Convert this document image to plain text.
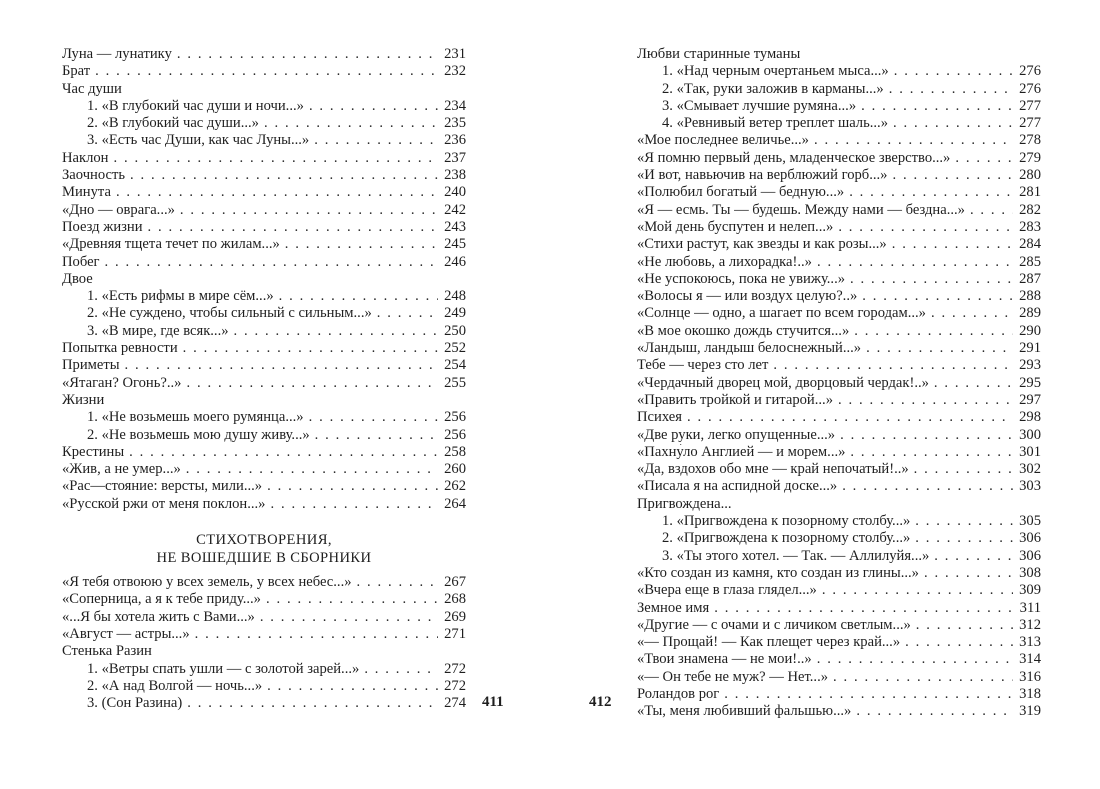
Луна — лунатику . . .	231
Брат . . .	232
Час души
1. «В глубокий час души и ночи...» . . .	234
2. «В глубокий час души...» . . .	235
3. «Есть час Души, как час Луны...» . . .	236
Наклон . . .	237
Заочность . . .	238
Минута . . .	240
«Дно — оврага...» . . .	242
Поезд жизни . . .	243
«Древняя тщета течет по жилам...» . . .	245
Побег . . .	246
Двое
1. «Есть рифмы в мире сём...» . . .	248
2. «Не суждено, чтобы сильный с сильным...» . . .	249
3. «В мире, где всяк...» . . .	250
Попытка ревности . . .	252
Приметы . . .	254
«Ятаган? Огонь?..» . . .	255
Жизни
1. «Не возьмешь моего румянца...» . . .	256
2. «Не возьмешь мою душу живу...» . . .	256
Крестины . . .	258
«Жив, а не умер...» . . .	260
«Рас—стояние: версты, мили...» . . .	262
«Русской ржи от меня поклон...» . . .	264
СТИХОТВОРЕНИЯ,
НЕ ВОШЕДШИЕ В СБОРНИКИ
«Я тебя отвоюю у всех земель, у всех небес...» . . .	267
«Соперница, а я к тебе приду...» . . .	268
«...Я бы хотела жить с Вами...» . . .	269
«Август — астры...» . . .	271
Стенька Разин
1. «Ветры спать ушли — с золотой зарей...» . . .	272
2. «А над Волгой — ночь...» . . .	272
3. (Сон Разина) . . .	274
Любви старинные туманы
1. «Над черным очертаньем мыса...» . . .	276
2. «Так, руки заложив в карманы...» . . .	276
3. «Смывает лучшие румяна...» . . .	277
4. «Ревнивый ветер треплет шаль...» . . .	277
«Мое последнее величье...» . . .	278
«Я помню первый день, младенческое зверство...» . . .	279
«И вот, навьючив на верблюжий горб...» . . .	280
«Полюбил богатый — бедную...» . . .	281
«Я — есмь. Ты — будешь. Между нами — бездна...» . . .	282
«Мой день буспутен и нелеп...» . . .	283
«Стихи растут, как звезды и как розы...» . . .	284
«Не любовь, а лихорадка!..» . . .	285
«Не успокоюсь, пока не увижу...» . . .	287
«Волосы я — или воздух целую?..» . . .	288
«Солнце — одно, а шагает по всем городам...» . . .	289
«В мое окошко дождь стучится...» . . .	290
«Ландыш, ландыш белоснежный...» . . .	291
Тебе — через сто лет . . .	293
«Чердачный дворец мой, дворцовый чердак!..» . . .	295
«Править тройкой и гитарой...» . . .	297
Психея . . .	298
«Две руки, легко опущенные...» . . .	300
«Пахну́ло Англией — и морем...» . . .	301
«Да, вздохов обо мне — край непочатый!..» . . .	302
«Писала я на аспидной доске...» . . .	303
Пригвождена...
1. «Пригвождена к позорному столбу...» . . .	305
2. «Пригвождена к позорному столбу...» . . .	306
3. «Ты этого хотел. — Так. — Аллилуйя...» . . .	306
«Кто создан из камня, кто создан из глины...» . . .	308
«Вчера еще в глаза глядел...» . . .	309
Земное имя . . .	311
«Другие — с очами и с личиком светлым...» . . .	312
«— Прощай! — Как плещет через край...» . . .	313
«Твои знамена — не мои!..» . . .	314
«— Он тебе не муж? — Нет...» . . .	316
Роландов рог . . .	318
«Ты, меня любивший фальшью...» . . .	319
411	412
